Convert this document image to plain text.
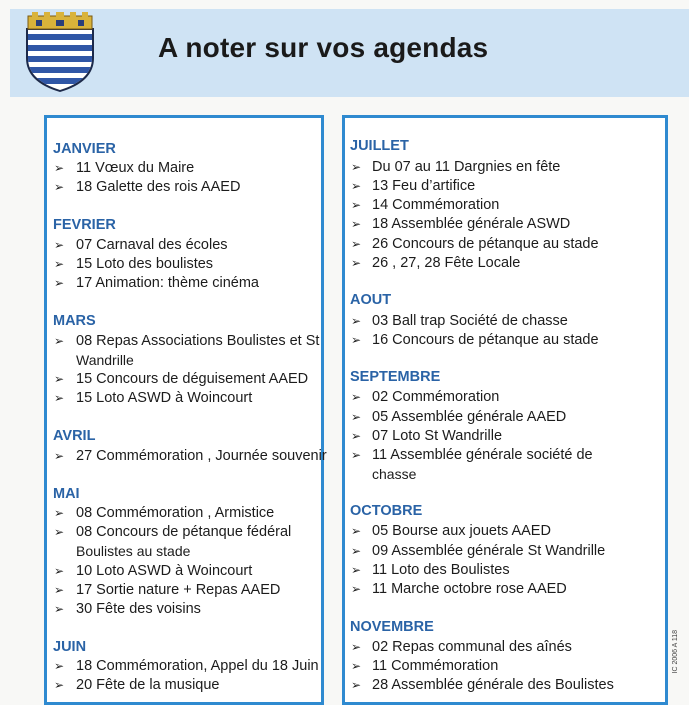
A noter sur vos agendas
JANVIER
➢ 11 Vœux du Maire
➢ 18 Galette des rois AAED
FEVRIER
➢ 07 Carnaval des écoles
➢ 15 Loto des boulistes
➢ 17 Animation: thème cinéma
MARS
➢ 08 Repas Associations Boulistes et St
➢ 15 Concours de déguisement AAED
➢ 15 Loto ASWD à Woincourt
Wandrille
AVRIL
➢ 27 Commémoration , Journée souvenir
MAI
➢ 08 Commémoration , Armistice
➢ 08 Concours de pétanque fédéral
➢ 10 Loto ASWD à Woincourt
➢ 17 Sortie nature + Repas AAED
➢ 30 Fête des voisins
Boulistes au stade
JUIN
➢ 18 Commémoration, Appel du 18 Juin
➢ 20 Fête de la musique
JUILLET
➢ Du 07 au 11 Dargnies en fête
➢ 13 Feu d’artifice
➢ 14 Commémoration
➢ 18 Assemblée générale ASWD
➢ 26 Concours de pétanque au stade
➢ 26 , 27, 28 Fête Locale
AOUT
➢ 03 Ball trap Société de chasse
➢ 16 Concours de pétanque au stade
SEPTEMBRE
➢ 02 Commémoration
➢ 05 Assemblée générale AAED
➢ 07 Loto St Wandrille
➢ 11 Assemblée générale société de
chasse
OCTOBRE
➢ 05 Bourse aux jouets AAED
➢ 09 Assemblée générale St Wandrille
➢ 11 Loto des Boulistes
➢ 11 Marche octobre rose AAED
NOVEMBRE
➢ 02 Repas communal des aînés
➢ 11 Commémoration
➢ 28 Assemblée générale des Boulistes
IC 2006 A 118
